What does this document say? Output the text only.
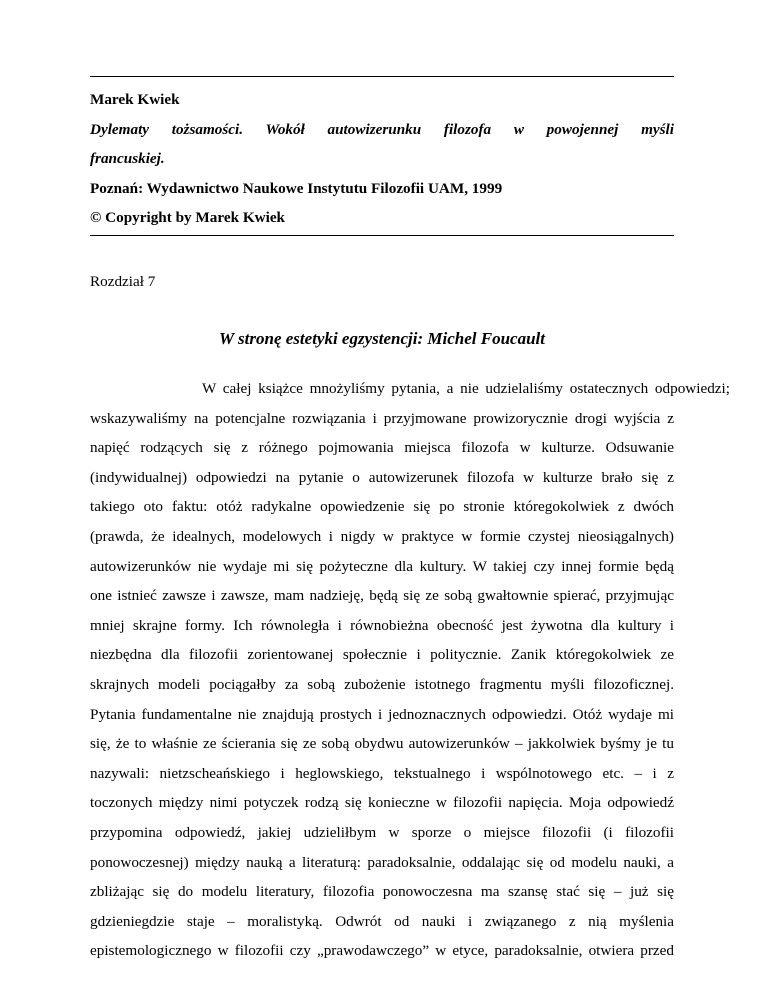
Marek Kwiek
Dylematy tożsamości. Wokół autowizerunku filozofa w powojennej myśli
francuskiej.
Poznań: Wydawnictwo Naukowe Instytutu Filozofii UAM, 1999
© Copyright by Marek Kwiek
Rozdział 7
W stronę estetyki egzystencji: Michel Foucault
W całej książce mnożyliśmy pytania, a nie udzielaliśmy ostatecznych odpowiedzi;
wskazywaliśmy na potencjalne rozwiązania i przyjmowane prowizorycznie drogi wyjścia z
napięć rodzących się z różnego pojmowania miejsca filozofa w kulturze. Odsuwanie
(indywidualnej) odpowiedzi na pytanie o autowizerunek filozofa w kulturze brało się z
takiego oto faktu: otóż radykalne opowiedzenie się po stronie któregokolwiek z dwóch
(prawda, że idealnych, modelowych i nigdy w praktyce w formie czystej nieosiągalnych)
autowizerunków nie wydaje mi się pożyteczne dla kultury. W takiej czy innej formie będą
one istnieć zawsze i zawsze, mam nadzieję, będą się ze sobą gwałtownie spierać, przyjmując
mniej skrajne formy. Ich równoległa i równobieżna obecność jest żywotna dla kultury i
niezbędna dla filozofii zorientowanej społecznie i politycznie. Zanik któregokolwiek ze
skrajnych modeli pociągałby za sobą zubożenie istotnego fragmentu myśli filozoficznej.
Pytania fundamentalne nie znajdują prostych i jednoznacznych odpowiedzi. Otóż wydaje mi
się, że to właśnie ze ścierania się ze sobą obydwu autowizerunków – jakkolwiek byśmy je tu
nazywali: nietzscheańskiego i heglowskiego, tekstualnego i wspólnotowego etc. – i z
toczonych między nimi potyczek rodzą się konieczne w filozofii napięcia. Moja odpowiedź
przypomina odpowiedź, jakiej udzieliłbym w sporze o miejsce filozofii (i filozofii
ponowoczesnej) między nauką a literaturą: paradoksalnie, oddalając się od modelu nauki, a
zbliżając się do modelu literatury, filozofia ponowoczesna ma szansę stać się – już się
gdzieniegdzie staje – moralistyką. Odwrót od nauki i związanego z nią myślenia
epistemologicznego w filozofii czy „prawodawczego” w etyce, paradoksalnie, otwiera przed
